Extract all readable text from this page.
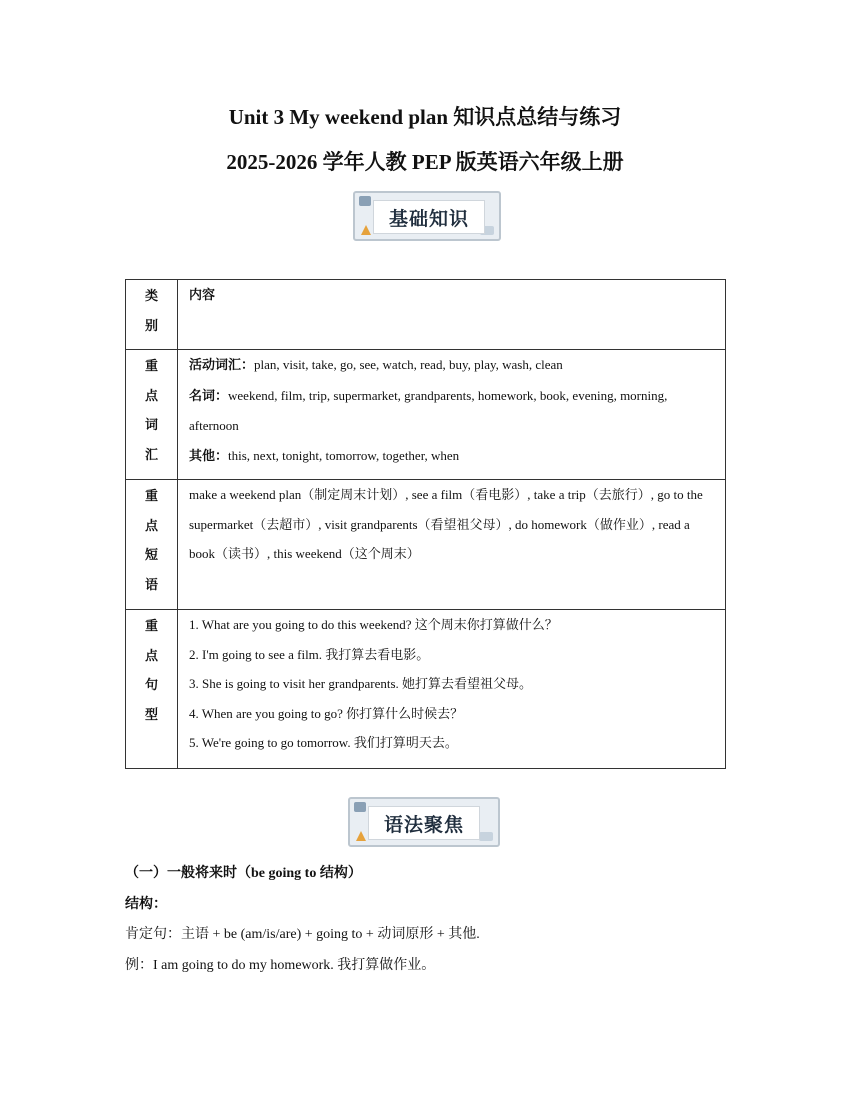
Unit 3 My weekend plan 知识点总结与练习
2025-2026 学年人教 PEP 版英语六年级上册
基础知识
类别	内容
重点词汇	活动词汇：plan, visit, take, go, see, watch, read, buy, play, wash, clean
名词：weekend, film, trip, supermarket, grandparents, homework, book, evening, morning, afternoon
其他：this, next, tonight, tomorrow, together, when

重点短语	make a weekend plan（制定周末计划）, see a film（看电影）, take a trip（去旅行）, go to the supermarket（去超市）, visit grandparents（看望祖父母）, do homework（做作业）, read a book（读书）, this weekend（这个周末）

重点句型	1. What are you going to do this weekend? 这个周末你打算做什么？
2. I'm going to see a film. 我打算去看电影。
3. She is going to visit her grandparents. 她打算去看望祖父母。
4. When are you going to go? 你打算什么时候去？
5. We're going to go tomorrow. 我们打算明天去。
语法聚焦
（一）一般将来时（be going to 结构）
结构：
肯定句：主语 + be (am/is/are) + going to + 动词原形 + 其他.
例：I am going to do my homework. 我打算做作业。
